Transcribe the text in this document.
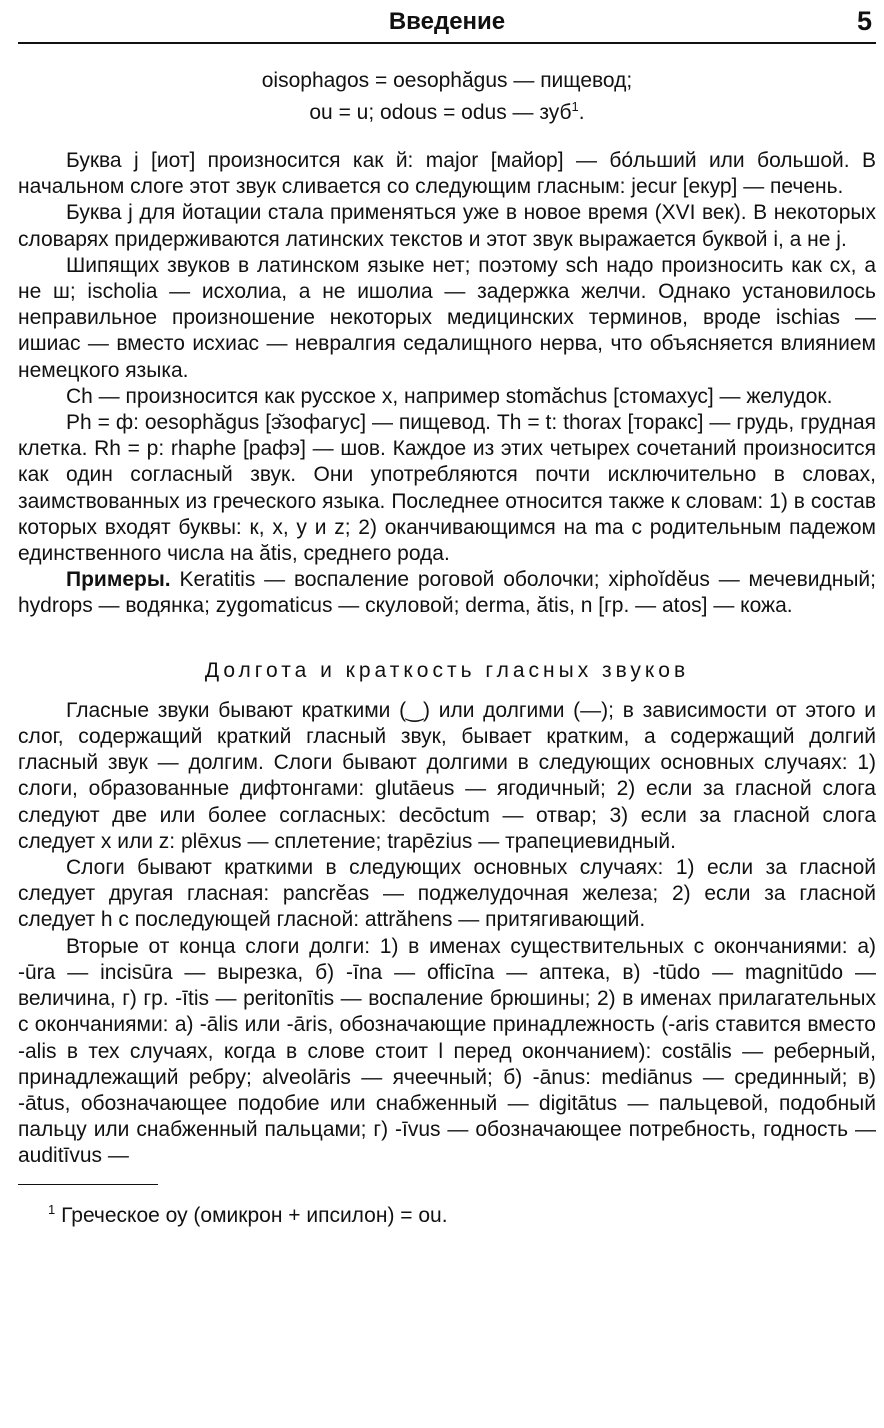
Введение	5
oisophagos = oesophăgus — пищевод;
ou = u; odous = odus — зуб$^1$.

Буква j [иот] произносится как й: major [майор] — бо́льший или большой. В начальном слоге этот звук сливается со следующим гласным: jecur [екур] — печень.

Буква j для йотации стала применяться уже в новое время (XVI век). В некоторых словарях придерживаются латинских текстов и этот звук выражается буквой i, а не j.

Шипящих звуков в латинском языке нет; поэтому sch надо произносить как сх, а не ш; ischolia — исхолиа, а не ишолиа — задержка желчи. Однако установилось неправильное произношение некоторых медицинских терминов, вроде ischias — ишиас — вместо исхиас — невралгия седалищного нерва, что объясняется влиянием немецкого языка.

Ch — произносится как русское х, например stomăchus [стомахус] — желудок.

Ph = ф: oesophăgus [э̆зофагус] — пищевод. Th = t: thorax [торакс] — грудь, грудная клетка. Rh = р: rhaphe [рафэ] — шов. Каждое из этих четырех сочетаний произносится как один согласный звук. Они употребляются почти исключительно в словах, заимствованных из греческого языка. Последнее относится также к словам: 1) в состав которых входят буквы: к, х, у и z; 2) оканчивающимся на ma с родительным падежом единственного числа на ătis, среднего рода.

Примеры. Keratitis — воспаление роговой оболочки; xiphoĭdĕus — мечевидный; hydrops — водянка; zygomaticus — скуловой; derma, ătis, n [гр. — atos] — кожа.

Долгота и краткость гласных звуков

Гласные звуки бывают краткими (‿) или долгими (—); в зависимости от этого и слог, содержащий краткий гласный звук, бывает кратким, а содержащий долгий гласный звук — долгим. Слоги бывают долгими в следующих основных случаях: 1) слоги, образованные дифтонгами: glutāeus — ягодичный; 2) если за гласной слога следуют две или более согласных: decōctum — отвар; 3) если за гласной слога следует х или z: plēxus — сплетение; trapēzius — трапециевидный.

Слоги бывают краткими в следующих основных случаях: 1) если за гласной следует другая гласная: pancrĕas — поджелудочная железа; 2) если за гласной следует h с последующей гласной: attrăhens — притягивающий.

Вторые от конца слоги долги: 1) в именах существительных с окончаниями: а) -ūra — incisūra — вырезка, б) -īna — officīna — аптека, в) -tūdo — magnitūdo — величина, г) гр. -ītis — peritonītis — воспаление брюшины; 2) в именах прилагательных с окончаниями: а) -ālis или -āris, обозначающие принадлежность (-aris ставится вместо -alis в тех случаях, когда в слове стоит l перед окончанием): costālis — реберный, принадлежащий ребру; alveolāris — ячеечный; б) -ānus: mediānus — срединный; в) -ātus, обозначающее подобие или снабженный — digitātus — пальцевой, подобный пальцу или снабженный пальцами; г) -īvus — обозначающее потребность, годность — auditīvus —

$^1$ Греческое оу (омикрон + ипсилон) = ou.
